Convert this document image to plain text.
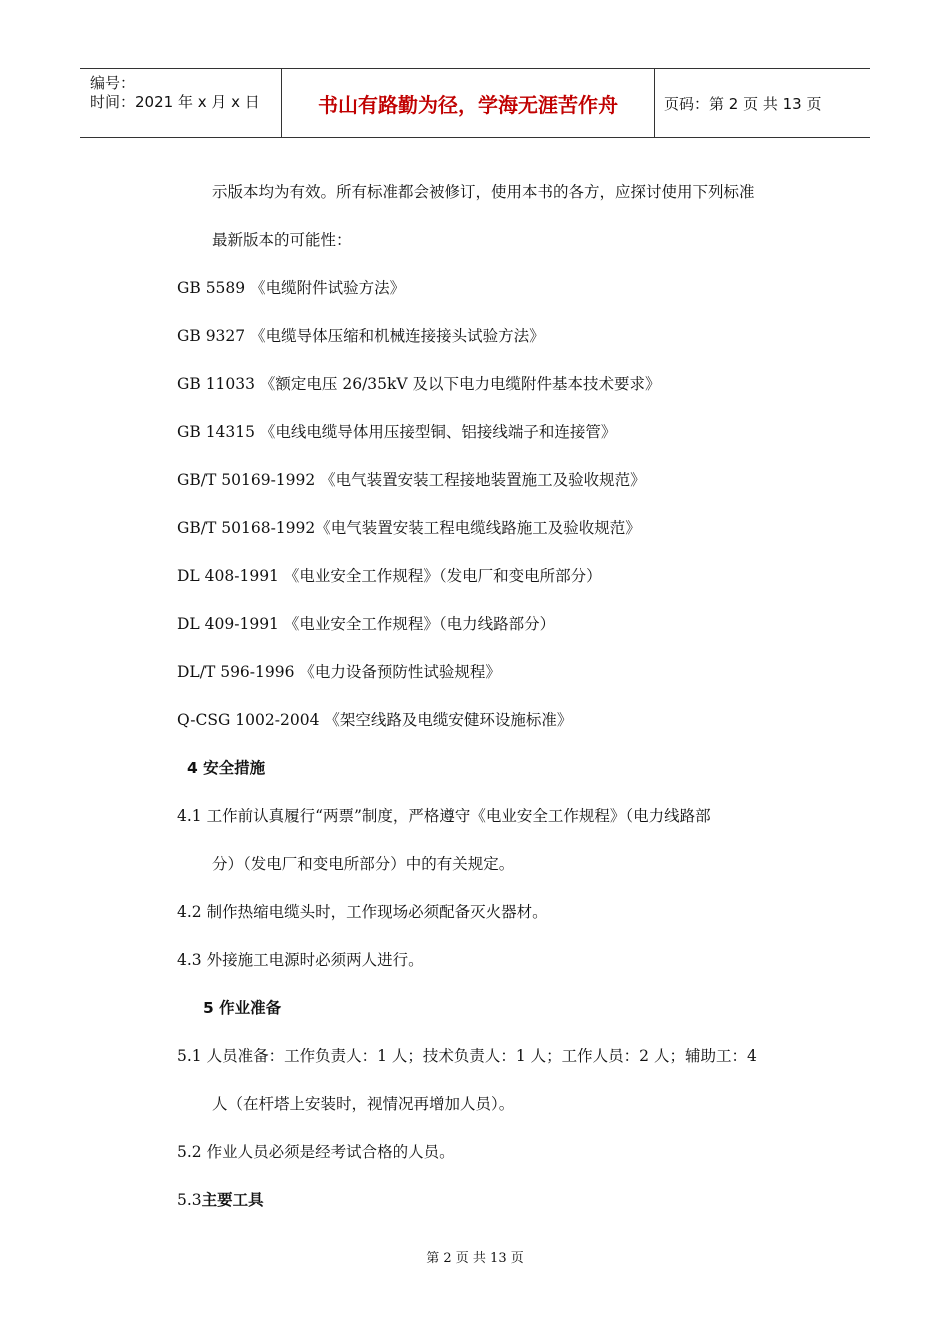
编号：
时间：2021 年 x 月 x 日	书山有路勤为径，学海无涯苦作舟	页码：第 2 页 共 13 页
示版本均为有效。所有标准都会被修订，使用本书的各方，应探讨使用下列标准
最新版本的可能性：
GB 5589 《电缆附件试验方法》
GB 9327 《电缆导体压缩和机械连接接头试验方法》
GB 11033 《额定电压 26/35kV 及以下电力电缆附件基本技术要求》
GB 14315 《电线电缆导体用压接型铜、铝接线端子和连接管》
GB/T 50169-1992 《电气装置安装工程接地装置施工及验收规范》
GB/T 50168-1992《电气装置安装工程电缆线路施工及验收规范》
DL 408-1991 《电业安全工作规程》（发电厂和变电所部分）
DL 409-1991 《电业安全工作规程》（电力线路部分）
DL/T 596-1996 《电力设备预防性试验规程》
Q-CSG 1002-2004 《架空线路及电缆安健环设施标准》
4 安全措施
4.1 工作前认真履行“两票”制度，严格遵守《电业安全工作规程》（电力线路部
分）（发电厂和变电所部分）中的有关规定。
4.2 制作热缩电缆头时，工作现场必须配备灭火器材。
4.3 外接施工电源时必须两人进行。
5 作业准备
5.1 人员准备：工作负责人：1 人；技术负责人：1 人；工作人员：2 人；辅助工：4
人（在杆塔上安装时，视情况再增加人员）。
5.2 作业人员必须是经考试合格的人员。
5.3主要工具
第 2 页 共 13 页
